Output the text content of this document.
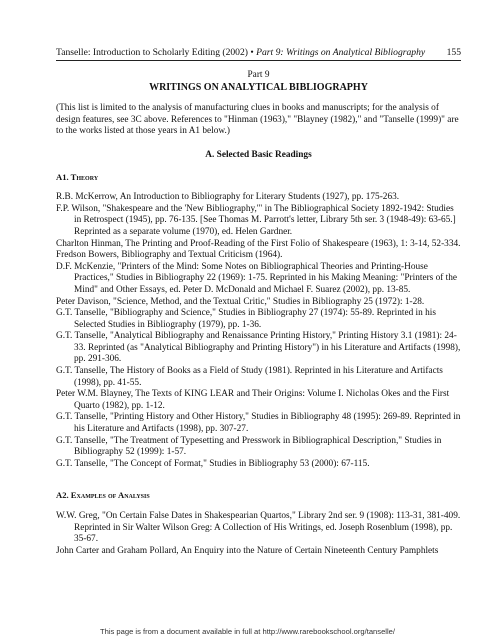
Tanselle: Introduction to Scholarly Editing (2002) • Part 9: Writings on Analytical Bibliography 155

Part 9

WRITINGS ON ANALYTICAL BIBLIOGRAPHY

(This list is limited to the analysis of manufacturing clues in books and manuscripts; for the analysis of design features, see 3C above. References to "Hinman (1963)," "Blayney (1982)," and "Tanselle (1999)" are to the works listed at those years in A1 below.)

A. Selected Basic Readings

A1. Theory

R.B. McKerrow, An Introduction to Bibliography for Literary Students (1927), pp. 175-263.

F.P. Wilson, "Shakespeare and the 'New Bibliography,'" in The Bibliographical Society 1892-1942: Studies in Retrospect (1945), pp. 76-135. [See Thomas M. Parrott's letter, Library 5th ser. 3 (1948-49): 63-65.] Reprinted as a separate volume (1970), ed. Helen Gardner.

Charlton Hinman, The Printing and Proof-Reading of the First Folio of Shakespeare (1963), 1: 3-14, 52-334.

Fredson Bowers, Bibliography and Textual Criticism (1964).

D.F. McKenzie, "Printers of the Mind: Some Notes on Bibliographical Theories and Printing-House Practices," Studies in Bibliography 22 (1969): 1-75. Reprinted in his Making Meaning: "Printers of the Mind" and Other Essays, ed. Peter D. McDonald and Michael F. Suarez (2002), pp. 13-85.

Peter Davison, "Science, Method, and the Textual Critic," Studies in Bibliography 25 (1972): 1-28.

G.T. Tanselle, "Bibliography and Science," Studies in Bibliography 27 (1974): 55-89. Reprinted in his Selected Studies in Bibliography (1979), pp. 1-36.

G.T. Tanselle, "Analytical Bibliography and Renaissance Printing History," Printing History 3.1 (1981): 24-33. Reprinted (as "Analytical Bibliography and Printing History") in his Literature and Artifacts (1998), pp. 291-306.

G.T. Tanselle, The History of Books as a Field of Study (1981). Reprinted in his Literature and Artifacts (1998), pp. 41-55.

Peter W.M. Blayney, The Texts of KING LEAR and Their Origins: Volume I. Nicholas Okes and the First Quarto (1982), pp. 1-12.

G.T. Tanselle, "Printing History and Other History," Studies in Bibliography 48 (1995): 269-89. Reprinted in his Literature and Artifacts (1998), pp. 307-27.

G.T. Tanselle, "The Treatment of Typesetting and Presswork in Bibliographical Description," Studies in Bibliography 52 (1999): 1-57.

G.T. Tanselle, "The Concept of Format," Studies in Bibliography 53 (2000): 67-115.

A2. Examples of Analysis

W.W. Greg, "On Certain False Dates in Shakespearian Quartos," Library 2nd ser. 9 (1908): 113-31, 381-409. Reprinted in Sir Walter Wilson Greg: A Collection of His Writings, ed. Joseph Rosenblum (1998), pp. 35-67.

John Carter and Graham Pollard, An Enquiry into the Nature of Certain Nineteenth Century Pamphlets

This page is from a document available in full at http://www.rarebookschool.org/tanselle/
